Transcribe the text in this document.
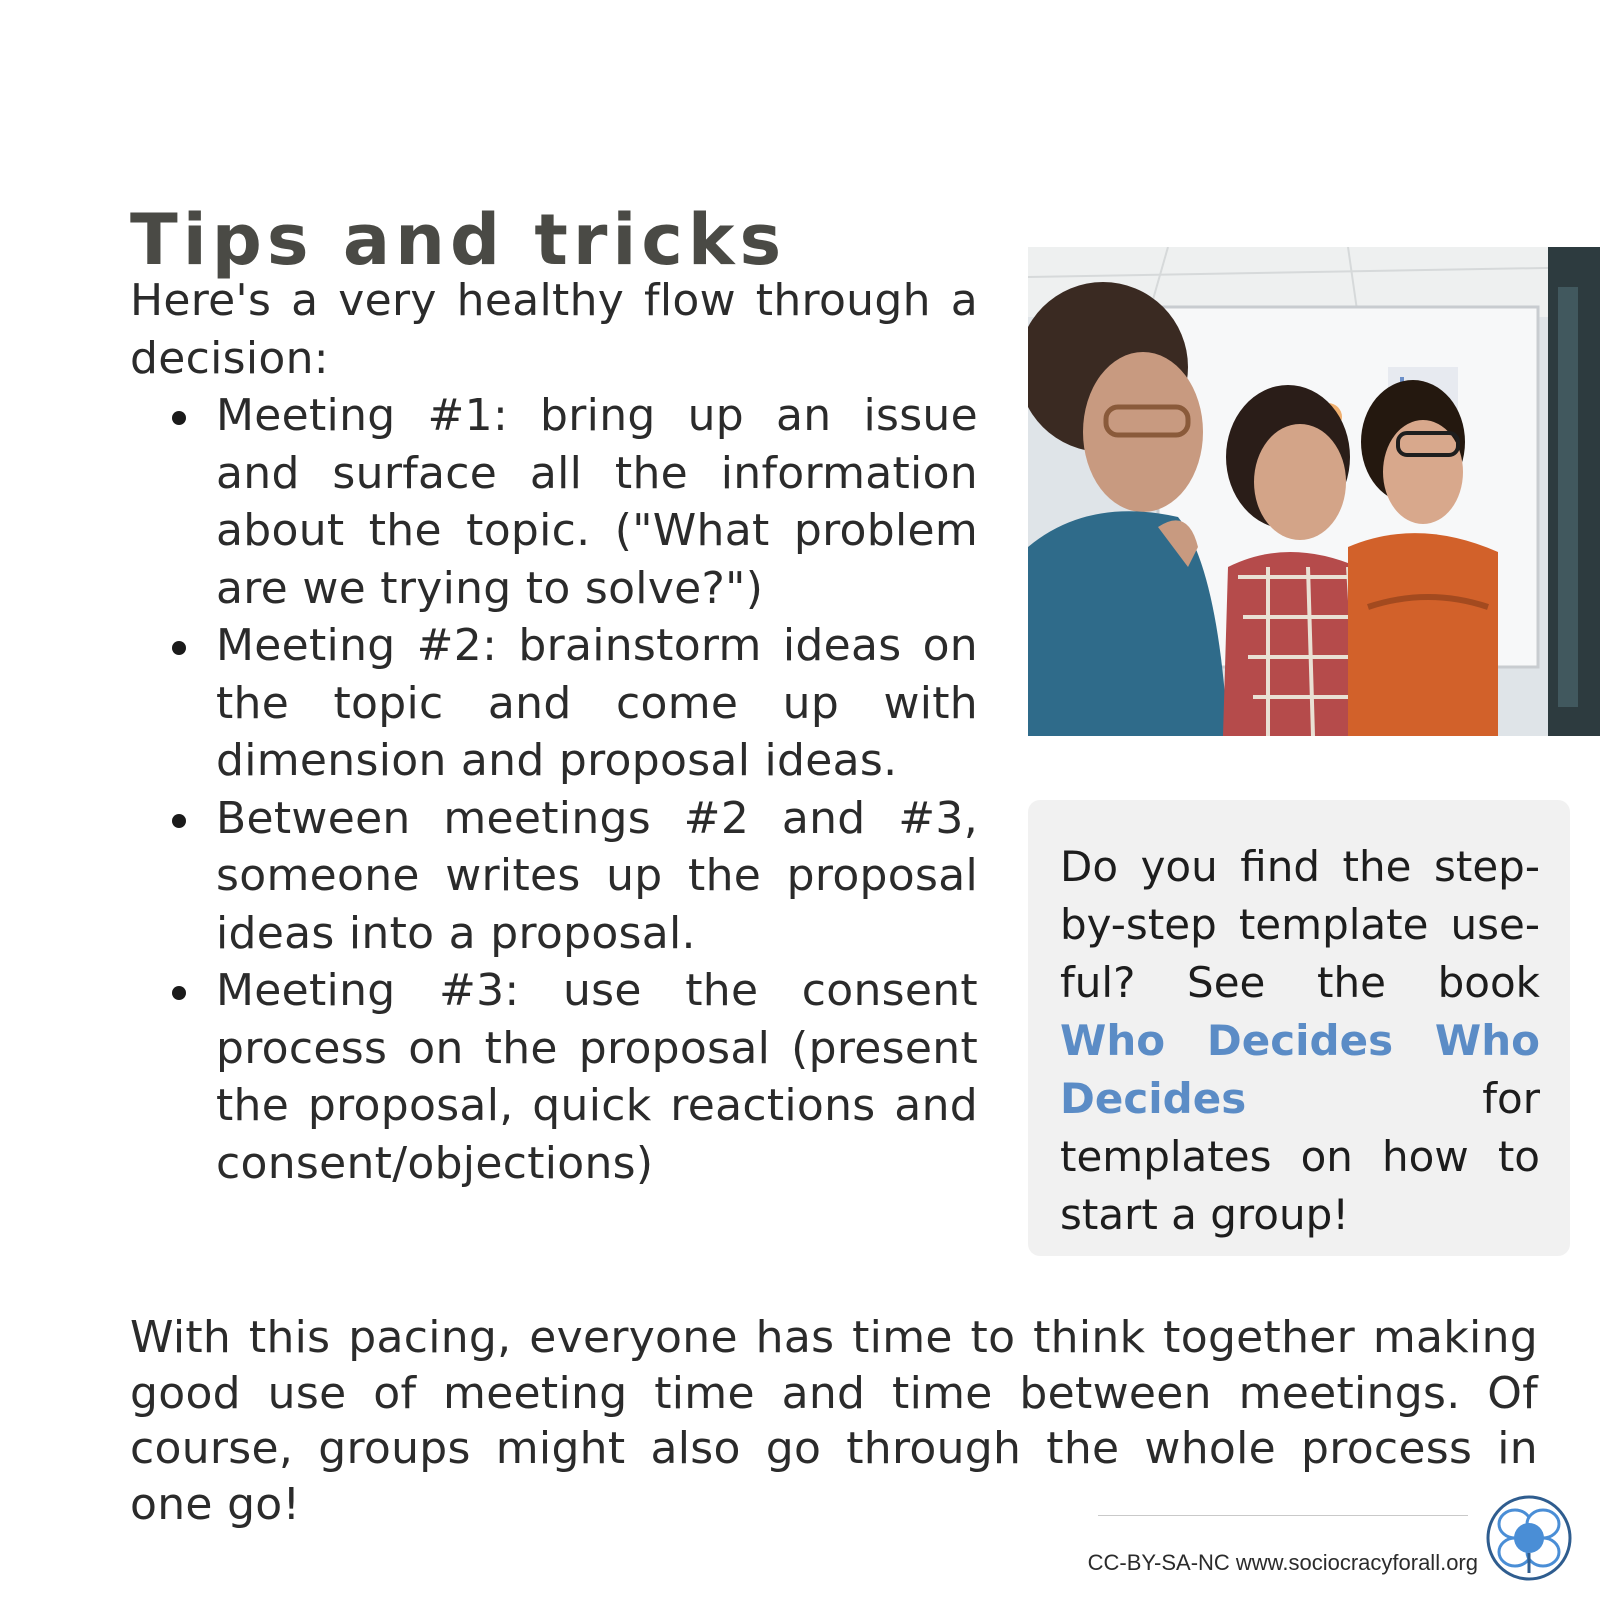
Tips and tricks

Here's a very healthy flow through a decision:

Meeting #1: bring up an issue and surface all the information about the topic. ("What problem are we trying to solve?")
Meeting #2: brainstorm ideas on the topic and come up with dimension and proposal ideas.
Between meetings #2 and #3, someone writes up the proposal ideas into a proposal.
Meeting #3: use the consent process on the proposal (present the proposal, quick reactions and consent/objections)

Do you find the step-by-step template use-ful? See the book Who Decides Who Decides for templates on how to start a group!

With this pacing, everyone has time to think together making good use of meeting time and time between meetings. Of course, groups might also go through the whole process in one go!

CC-BY-SA-NC www.sociocracyforall.org
